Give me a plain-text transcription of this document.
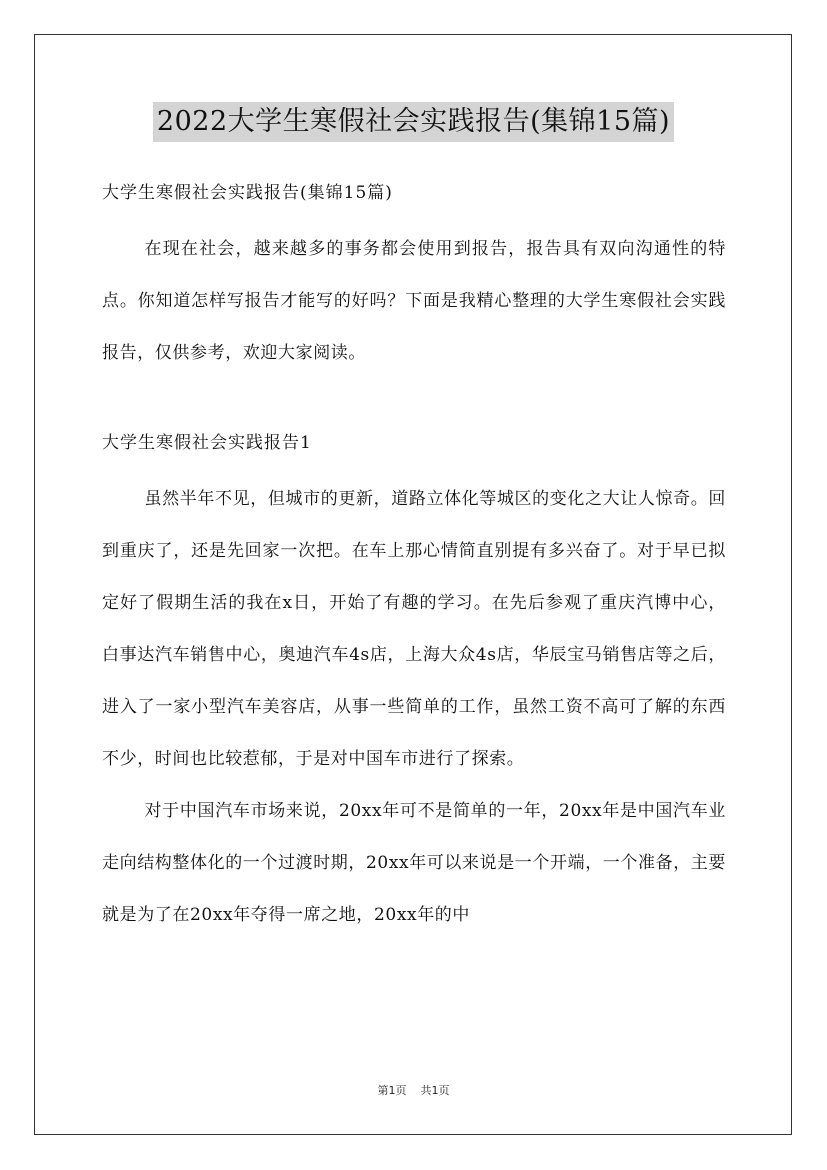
2022大学生寒假社会实践报告(集锦15篇)

大学生寒假社会实践报告(集锦15篇)

在现在社会，越来越多的事务都会使用到报告，报告具有双向沟通性的特点。你知道怎样写报告才能写的好吗？下面是我精心整理的大学生寒假社会实践报告，仅供参考，欢迎大家阅读。

大学生寒假社会实践报告1

虽然半年不见，但城市的更新，道路立体化等城区的变化之大让人惊奇。回到重庆了，还是先回家一次把。在车上那心情简直别提有多兴奋了。对于早已拟定好了假期生活的我在x日，开始了有趣的学习。在先后参观了重庆汽博中心，白事达汽车销售中心，奥迪汽车4s店，上海大众4s店，华辰宝马销售店等之后，进入了一家小型汽车美容店，从事一些简单的工作，虽然工资不高可了解的东西不少，时间也比较惹郁，于是对中国车市进行了探索。

对于中国汽车市场来说，20xx年可不是简单的一年，20xx年是中国汽车业走向结构整体化的一个过渡时期，20xx年可以来说是一个开端，一个准备，主要就是为了在20xx年夺得一席之地，20xx年的中

第1页 共1页
